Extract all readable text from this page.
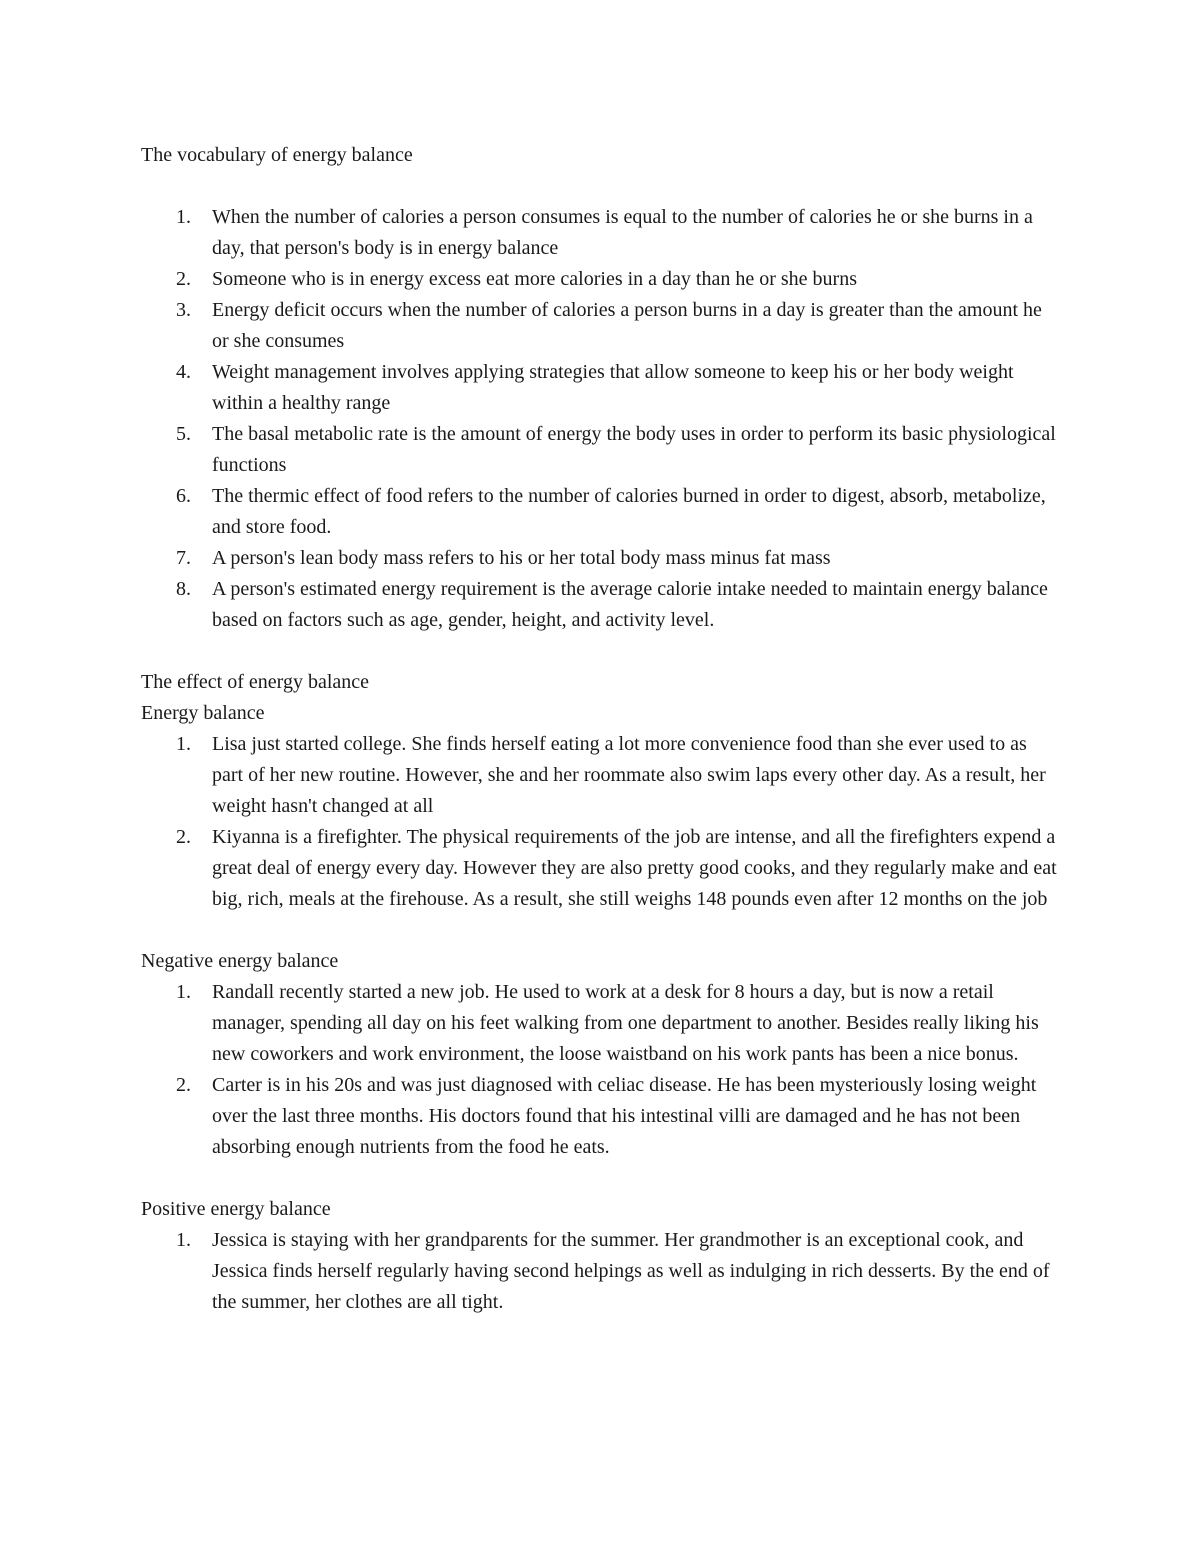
The vocabulary of energy balance

1. When the number of calories a person consumes is equal to the number of calories he or she burns in a day, that person's body is in energy balance
2. Someone who is in energy excess eat more calories in a day than he or she burns
3. Energy deficit occurs when the number of calories a person burns in a day is greater than the amount he or she consumes
4. Weight management involves applying strategies that allow someone to keep his or her body weight within a healthy range
5. The basal metabolic rate is the amount of energy the body uses in order to perform its basic physiological functions
6. The thermic effect of food refers to the number of calories burned in order to digest, absorb, metabolize, and store food.
7. A person's lean body mass refers to his or her total body mass minus fat mass
8. A person's estimated energy requirement is the average calorie intake needed to maintain energy balance based on factors such as age, gender, height, and activity level.

The effect of energy balance

Energy balance

1. Lisa just started college. She finds herself eating a lot more convenience food than she ever used to as part of her new routine. However, she and her roommate also swim laps every other day. As a result, her weight hasn't changed at all
2. Kiyanna is a firefighter. The physical requirements of the job are intense, and all the firefighters expend a great deal of energy every day. However they are also pretty good cooks, and they regularly make and eat big, rich, meals at the firehouse. As a result, she still weighs 148 pounds even after 12 months on the job

Negative energy balance

1. Randall recently started a new job. He used to work at a desk for 8 hours a day, but is now a retail manager, spending all day on his feet walking from one department to another. Besides really liking his new coworkers and work environment, the loose waistband on his work pants has been a nice bonus.
2. Carter is in his 20s and was just diagnosed with celiac disease. He has been mysteriously losing weight over the last three months. His doctors found that his intestinal villi are damaged and he has not been absorbing enough nutrients from the food he eats.

Positive energy balance

1. Jessica is staying with her grandparents for the summer. Her grandmother is an exceptional cook, and Jessica finds herself regularly having second helpings as well as indulging in rich desserts. By the end of the summer, her clothes are all tight.
